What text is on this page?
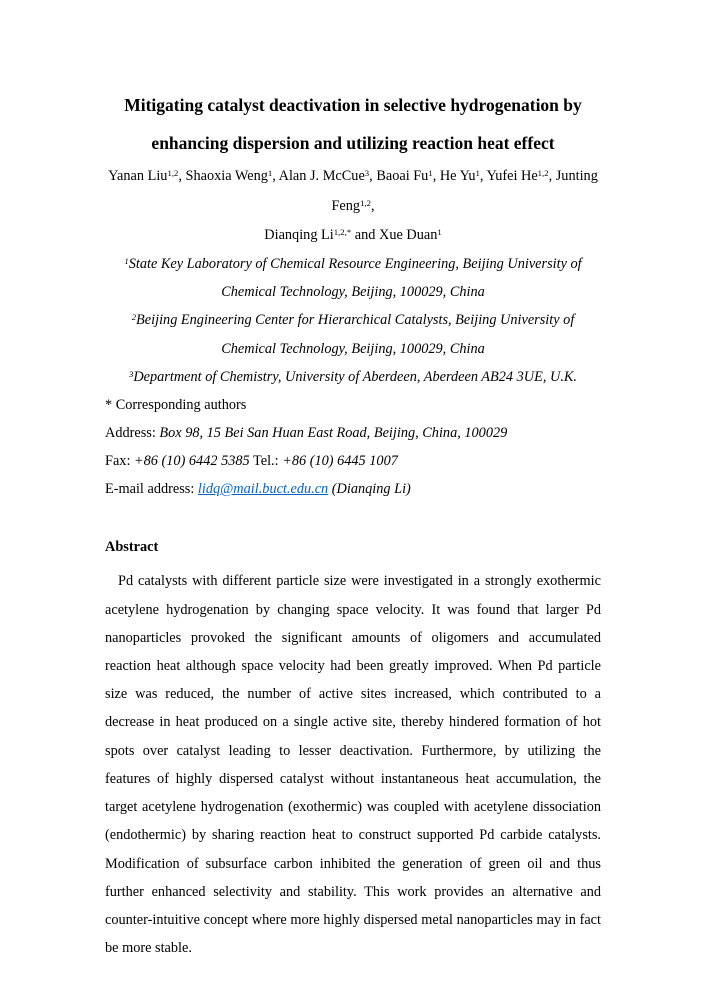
Mitigating catalyst deactivation in selective hydrogenation by
enhancing dispersion and utilizing reaction heat effect
Yanan Liu$^{1,2}$, Shaoxia Weng$^1$, Alan J. McCue$^3$, Baoai Fu$^1$, He Yu$^1$, Yufei He$^{1,2}$, Junting Feng$^{1,2}$,
Dianqing $Li^{1,2,*}$ and Xue Duan$^1$
$^1$State Key Laboratory of Chemical Resource Engineering, Beijing University of Chemical Technology, Beijing, 100029, China
$^2$Beijing Engineering Center for Hierarchical Catalysts, Beijing University of Chemical Technology, Beijing, 100029, China
$^3$Department of Chemistry, University of Aberdeen, Aberdeen AB24 3UE, U.K.
* Corresponding authors
Address: Box 98, 15 Bei San Huan East Road, Beijing, China, 100029
Fax: +86 (10) 6442 5385 Tel.: +86 (10) 6445 1007
E-mail address: lidq@mail.buct.edu.cn (Dianqing Li)
Abstract
Pd catalysts with different particle size were investigated in a strongly exothermic acetylene hydrogenation by changing space velocity. It was found that larger Pd nanoparticles provoked the significant amounts of oligomers and accumulated reaction heat although space velocity had been greatly improved. When Pd particle size was reduced, the number of active sites increased, which contributed to a decrease in heat produced on a single active site, thereby hindered formation of hot spots over catalyst leading to lesser deactivation. Furthermore, by utilizing the features of highly dispersed catalyst without instantaneous heat accumulation, the target acetylene hydrogenation (exothermic) was coupled with acetylene dissociation (endothermic) by sharing reaction heat to construct supported Pd carbide catalysts. Modification of subsurface carbon inhibited the generation of green oil and thus further enhanced selectivity and stability. This work provides an alternative and counter-intuitive concept where more highly dispersed metal nanoparticles may in fact be more stable.
